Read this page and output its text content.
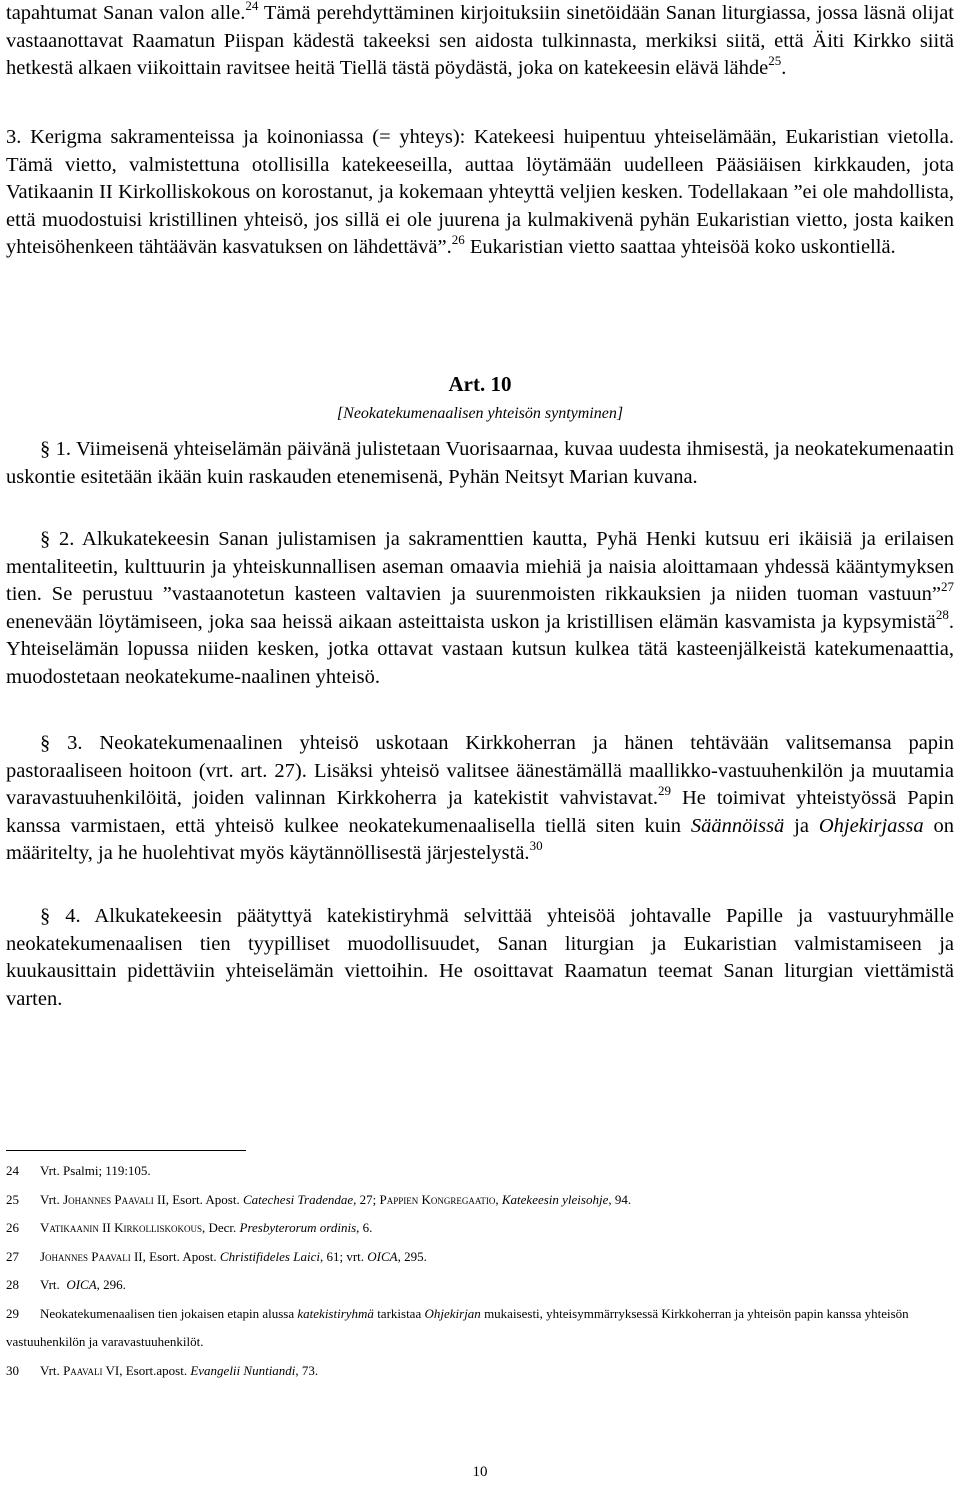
tapahtumat Sanan valon alle.$^{24}$ Tämä perehdyttäminen kirjoituksiin sinetöidään Sanan liturgiassa, jossa läsnä olijat vastaanottavat Raamatun Piispan kädestä takeeksi sen aidosta tulkinnasta, merkiksi siitä, että Äiti Kirkko siitä hetkestä alkaen viikoittain ravitsee heitä Tiellä tästä pöydästä, joka on katekeesin elävä lähde$^{25}$.

3. Kerigma sakramenteissa ja koinoniassa (= yhteys): Katekeesi huipentuu yhteiselämään, Eukaristian vietolla. Tämä vietto, valmistettuna otollisilla katekeeseilla, auttaa löytämään uudelleen Pääsiäisen kirkkauden, jota Vatikaanin II Kirkolliskokous on korostanut, ja kokemaan yhteyttä veljien kesken. Todellakaan ”ei ole mahdollista, että muodostuisi kristillinen yhteisö, jos sillä ei ole juurena ja kulmakivenä pyhän Eukaristian vietto, josta kaiken yhteisöhenkeen tähtäävän kasvatuksen on lähdettävä”.$^{26}$ Eukaristian vietto saattaa yhteisöä koko uskontiellä.

Art. 10
[Neokatekumenaalisen yhteisön syntyminen]

§ 1. Viimeisenä yhteiselämän päivänä julistetaan Vuorisaarnaa, kuvaa uudesta ihmisestä, ja neokatekumenaatin uskontie esitetään ikään kuin raskauden etenemisenä, Pyhän Neitsyt Marian kuvana.

§ 2. Alkukatekeesin Sanan julistamisen ja sakramenttien kautta, Pyhä Henki kutsuu eri ikäisiä ja erilaisen mentaliteetin, kulttuurin ja yhteiskunnallisen aseman omaavia miehiä ja naisia aloittamaan yhdessä kääntymyksen tien. Se perustuu ”vastaanotetun kasteen valtavien ja suurenmoisten rikkauksien ja niiden tuoman vastuun”$^{27}$ enenevään löytämiseen, joka saa heissä aikaan asteittaista uskon ja kristillisen elämän kasvamista ja kypsymistä$^{28}$. Yhteiselämän lopussa niiden kesken, jotka ottavat vastaan kutsun kulkea tätä kasteenjälkeistä katekumenaattia, muodostetaan neokatekume-naalinen yhteisö.

§ 3. Neokatekumenaalinen yhteisö uskotaan Kirkkoherran ja hänen tehtävään valitsemansa papin pastoraaliseen hoitoon (vrt. art. 27). Lisäksi yhteisö valitsee äänestämällä maallikko-vastuuhenkilön ja muutamia varavastuuhenkilöitä, joiden valinnan Kirkkoherra ja katekistit vahvistavat.$^{29}$ He toimivat yhteistyössä Papin kanssa varmistaen, että yhteisö kulkee neokatekumenaalisella tiellä siten kuin Säännöissä ja Ohjekirjassa on määritelty, ja he huolehtivat myös käytännöllisestä järjestelystä.$^{30}$

§ 4. Alkukatekeesin päätyttyä katekistiryhmä selvittää yhteisöä johtavalle Papille ja vastuuryhmälle neokatekumenaalisen tien tyypilliset muodollisuudet, Sanan liturgian ja Eukaristian valmistamiseen ja kuukausittain pidettäviin yhteiselämän viettoihin. He osoittavat Raamatun teemat Sanan liturgian viettämistä varten.

24 Vrt. Psalmi; 119:105.

25 Vrt. Johannes Paavali II, Esort. Apost. Catechesi Tradendae, 27; Pappien Kongregaatio, Katekeesin yleisohje, 94.

26 Vatikaanin II Kirkolliskokous, Decr. Presbyterorum ordinis, 6.

27 Johannes Paavali II, Esort. Apost. Christifideles Laici, 61; vrt. OICA, 295.

28 Vrt.  OICA, 296.

29 Neokatekumenaalisen tien jokaisen etapin alussa katekistiryhmä tarkistaa Ohjekirjan mukaisesti, yhteisymmärryksessä Kirkkoherran ja yhteisön papin kanssa yhteisön vastuuhenkilön ja varavastuuhenkilöt.

30 Vrt. Paavali VI, Esort.apost. Evangelii Nuntiandi, 73.

10
